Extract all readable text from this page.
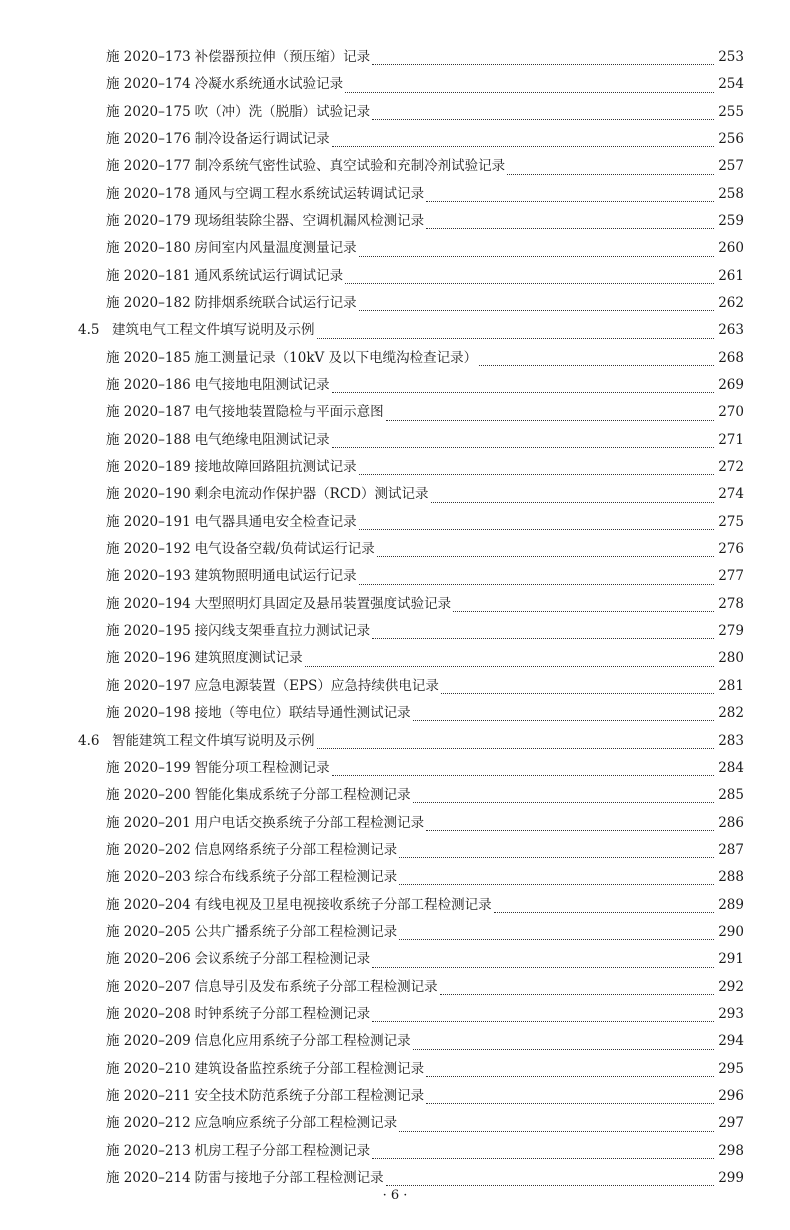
施 2020–173 补偿器预拉伸（预压缩）记录	253
施 2020–174 冷凝水系统通水试验记录	254
施 2020–175 吹（冲）洗（脱脂）试验记录	255
施 2020–176 制冷设备运行调试记录	256
施 2020–177 制冷系统气密性试验、真空试验和充制冷剂试验记录	257
施 2020–178 通风与空调工程水系统试运转调试记录	258
施 2020–179 现场组装除尘器、空调机漏风检测记录	259
施 2020–180 房间室内风量温度测量记录	260
施 2020–181 通风系统试运行调试记录	261
施 2020–182 防排烟系统联合试运行记录	262
4.5 建筑电气工程文件填写说明及示例	263
施 2020–185 施工测量记录（10kV 及以下电缆沟检查记录）	268
施 2020–186 电气接地电阻测试记录	269
施 2020–187 电气接地装置隐检与平面示意图	270
施 2020–188 电气绝缘电阻测试记录	271
施 2020–189 接地故障回路阻抗测试记录	272
施 2020–190 剩余电流动作保护器（RCD）测试记录	274
施 2020–191 电气器具通电安全检查记录	275
施 2020–192 电气设备空载/负荷试运行记录	276
施 2020–193 建筑物照明通电试运行记录	277
施 2020–194 大型照明灯具固定及悬吊装置强度试验记录	278
施 2020–195 接闪线支架垂直拉力测试记录	279
施 2020–196 建筑照度测试记录	280
施 2020–197 应急电源装置（EPS）应急持续供电记录	281
施 2020–198 接地（等电位）联结导通性测试记录	282
4.6 智能建筑工程文件填写说明及示例	283
施 2020–199 智能分项工程检测记录	284
施 2020–200 智能化集成系统子分部工程检测记录	285
施 2020–201 用户电话交换系统子分部工程检测记录	286
施 2020–202 信息网络系统子分部工程检测记录	287
施 2020–203 综合布线系统子分部工程检测记录	288
施 2020–204 有线电视及卫星电视接收系统子分部工程检测记录	289
施 2020–205 公共广播系统子分部工程检测记录	290
施 2020–206 会议系统子分部工程检测记录	291
施 2020–207 信息导引及发布系统子分部工程检测记录	292
施 2020–208 时钟系统子分部工程检测记录	293
施 2020–209 信息化应用系统子分部工程检测记录	294
施 2020–210 建筑设备监控系统子分部工程检测记录	295
施 2020–211 安全技术防范系统子分部工程检测记录	296
施 2020–212 应急响应系统子分部工程检测记录	297
施 2020–213 机房工程子分部工程检测记录	298
施 2020–214 防雷与接地子分部工程检测记录	299
· 6 ·
